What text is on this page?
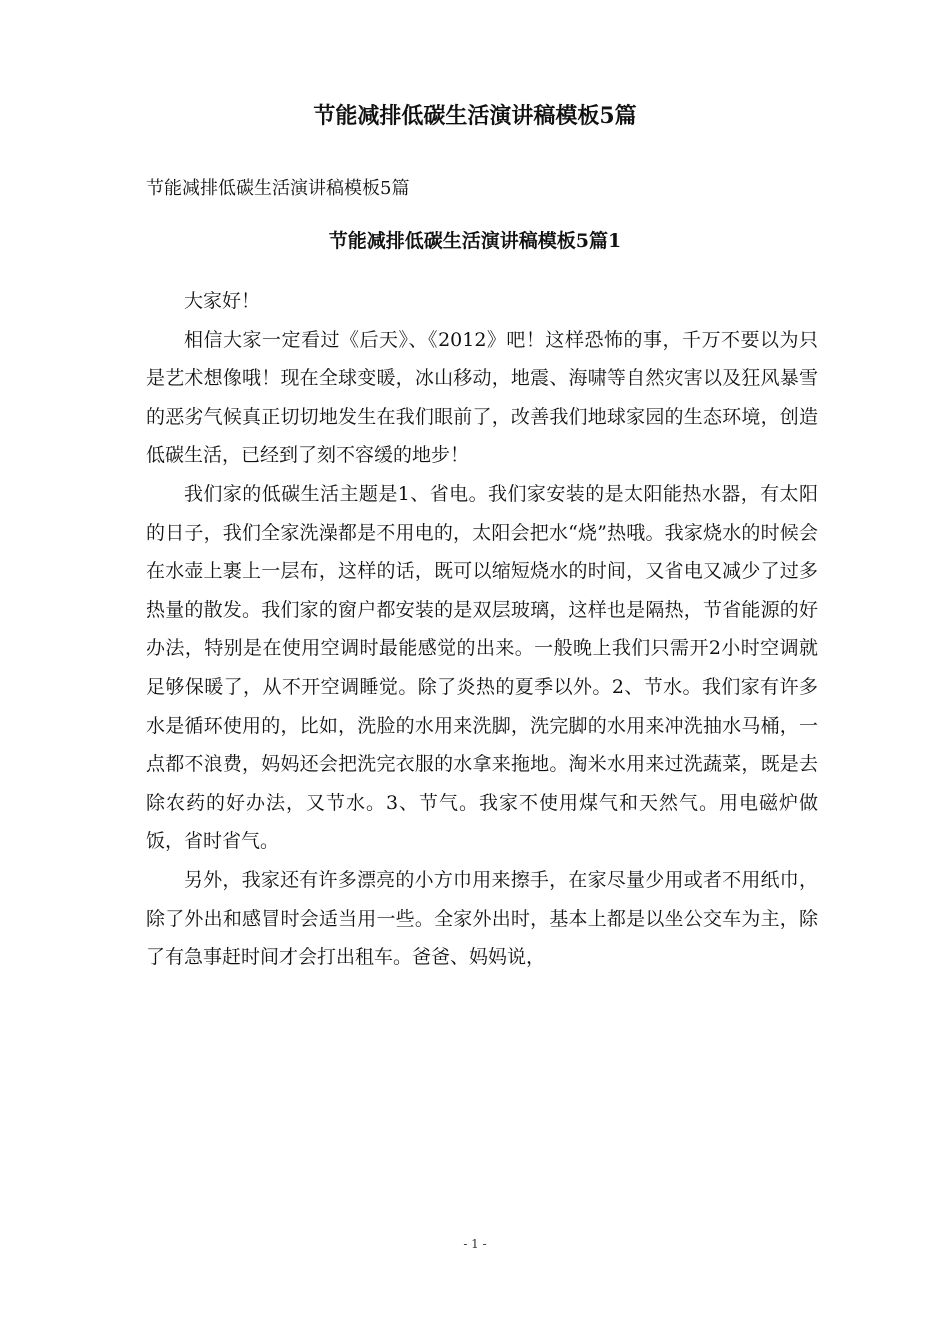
节能减排低碳生活演讲稿模板5篇

节能减排低碳生活演讲稿模板5篇

节能减排低碳生活演讲稿模板5篇1

大家好！

相信大家一定看过《后天》、《2012》吧！这样恐怖的事，千万不要以为只是艺术想像哦！现在全球变暖，冰山移动，地震、海啸等自然灾害以及狂风暴雪的恶劣气候真正切切地发生在我们眼前了，改善我们地球家园的生态环境，创造低碳生活，已经到了刻不容缓的地步！

我们家的低碳生活主题是1、省电。我们家安装的是太阳能热水器，有太阳的日子，我们全家洗澡都是不用电的，太阳会把水“烧”热哦。我家烧水的时候会在水壶上裹上一层布，这样的话，既可以缩短烧水的时间，又省电又减少了过多热量的散发。我们家的窗户都安装的是双层玻璃，这样也是隔热，节省能源的好办法，特别是在使用空调时最能感觉的出来。一般晚上我们只需开2小时空调就足够保暖了，从不开空调睡觉。除了炎热的夏季以外。2、节水。我们家有许多水是循环使用的，比如，洗脸的水用来洗脚，洗完脚的水用来冲洗抽水马桶，一点都不浪费，妈妈还会把洗完衣服的水拿来拖地。淘米水用来过洗蔬菜，既是去除农药的好办法，又节水。3、节气。我家不使用煤气和天然气。用电磁炉做饭，省时省气。

另外，我家还有许多漂亮的小方巾用来擦手，在家尽量少用或者不用纸巾，除了外出和感冒时会适当用一些。全家外出时，基本上都是以坐公交车为主，除了有急事赶时间才会打出租车。爸爸、妈妈说，

- 1 -
